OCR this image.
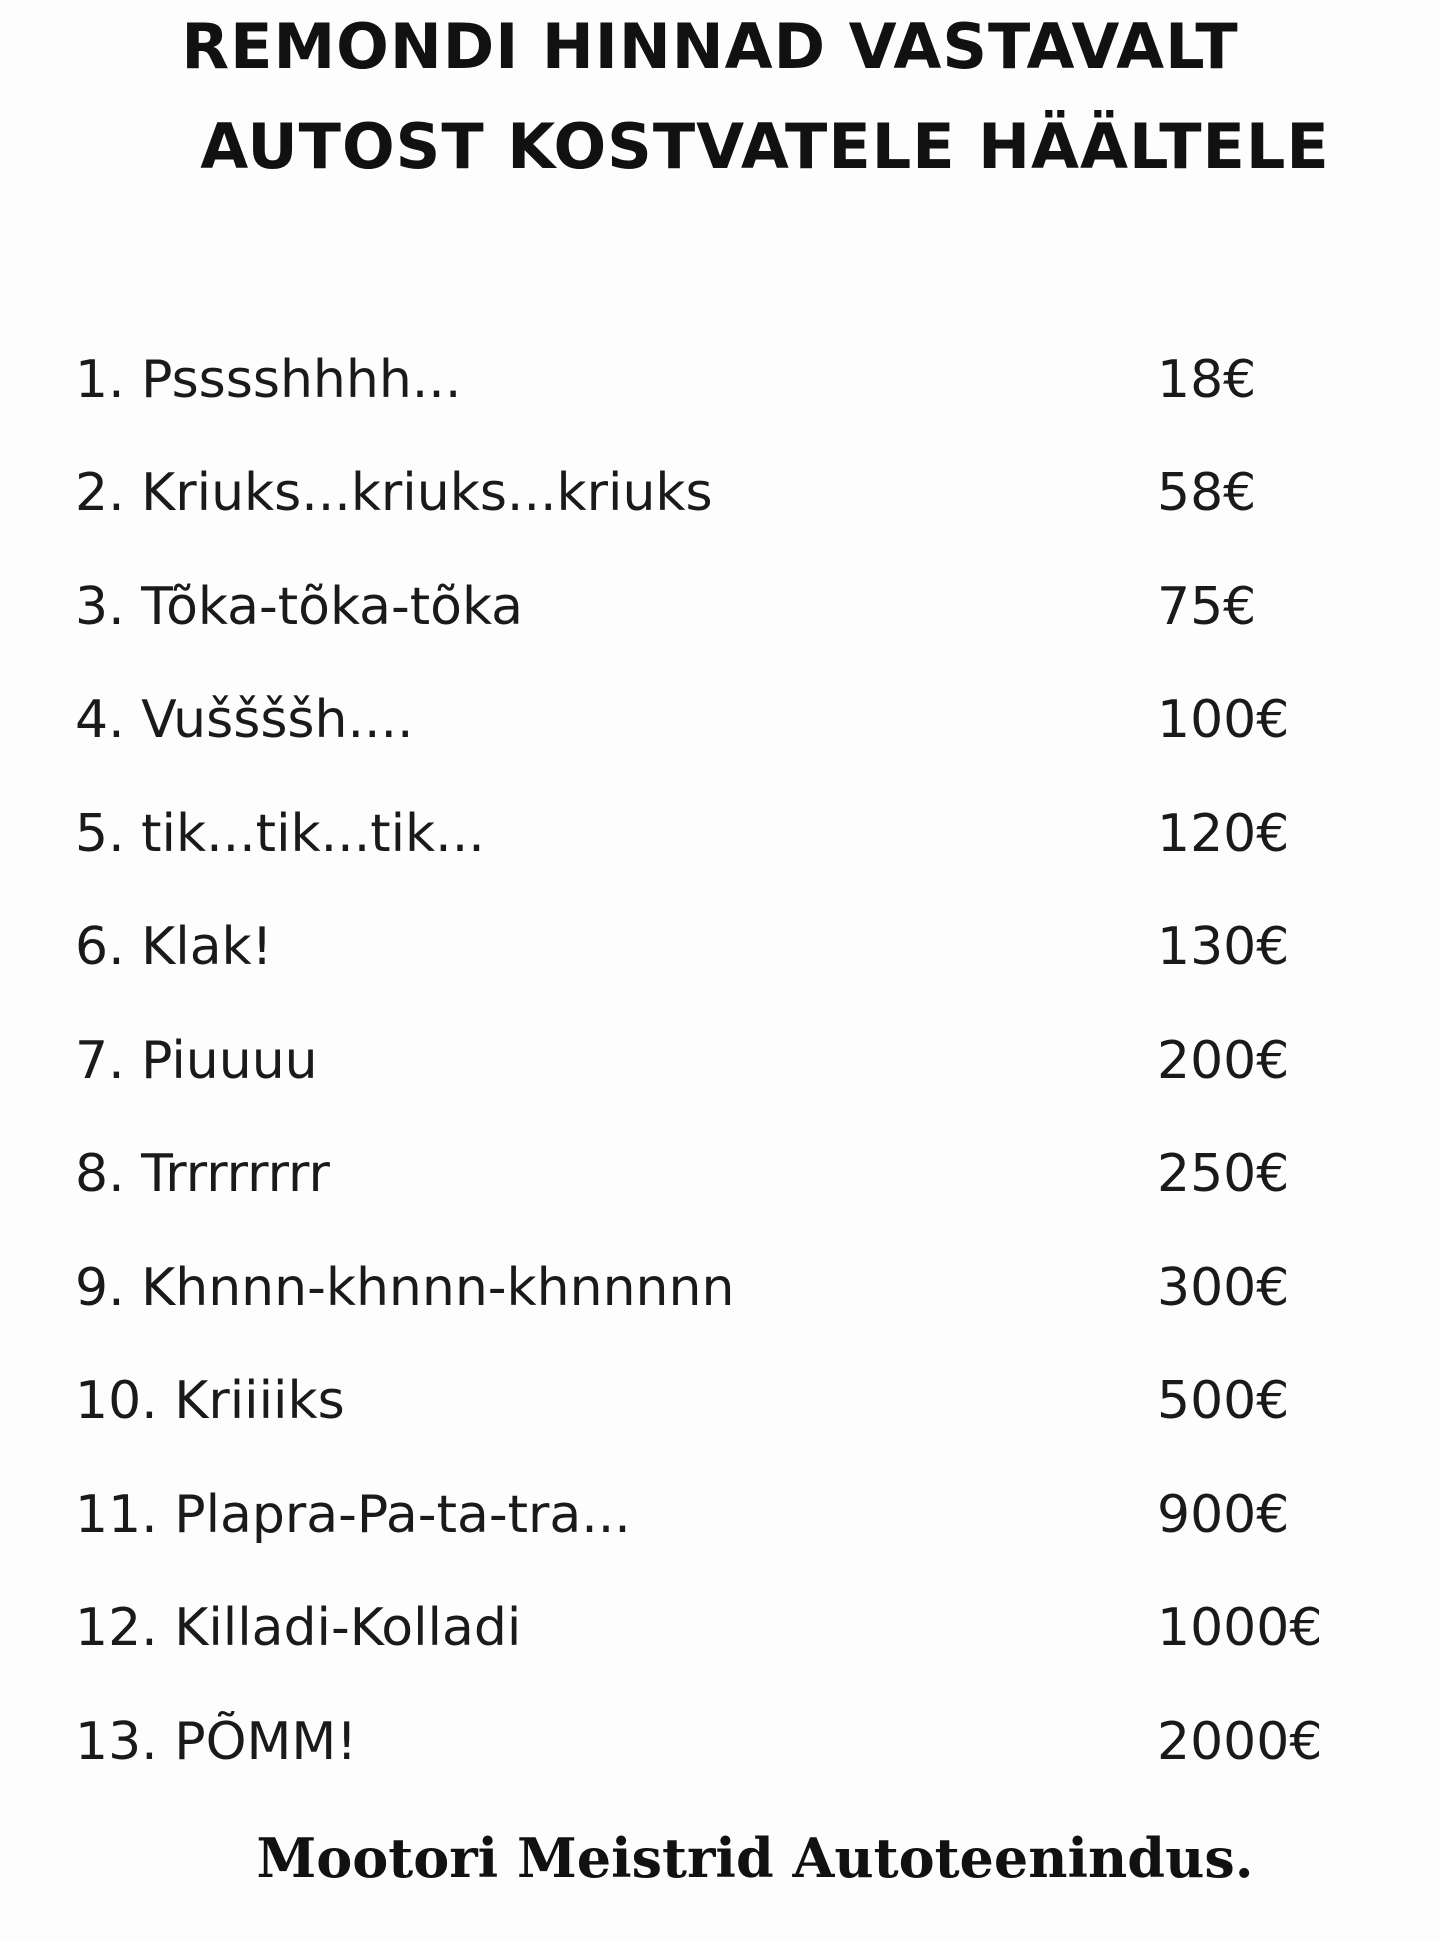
REMONDI HINNAD VASTAVALT
AUTOST KOSTVATELE HÄÄLTELE
1. Psssshhhh...	18€
2. Kriuks...kriuks...kriuks	58€
3. Tõka-tõka-tõka	75€
4. Vuššššh....	100€
5. tik...tik...tik...	120€
6. Klak!	130€
7. Piuuuu	200€
8. Trrrrrrrr	250€
9. Khnnn-khnnn-khnnnnn	300€
10. Kriiiiks	500€
11. Plapra-Pa-ta-tra...	900€
12. Killadi-Kolladi	1000€
13. PÕMM!	2000€
Mootori Meistrid Autoteenindus.
